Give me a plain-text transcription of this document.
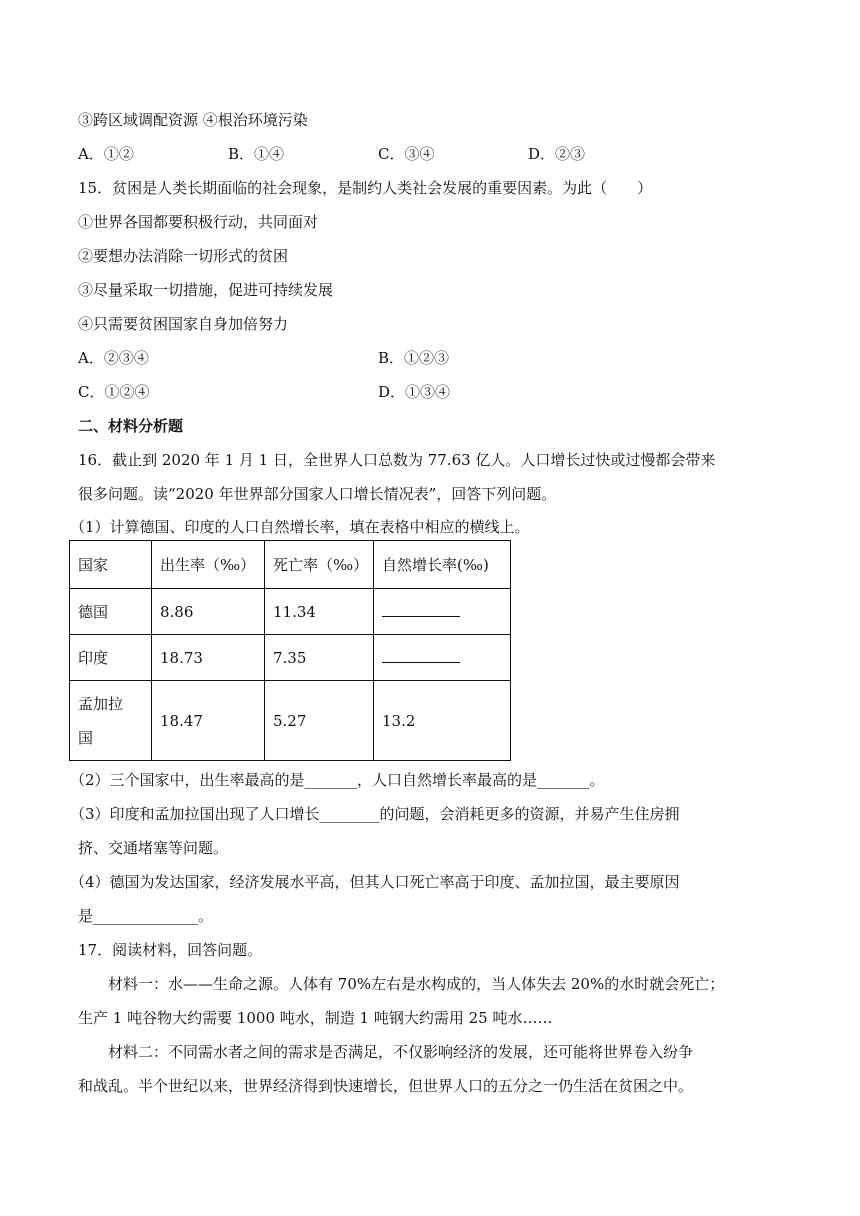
③跨区域调配资源 ④根治环境污染
A．①②	B．①④	C．③④	D．②③
15．贫困是人类长期面临的社会现象，是制约人类社会发展的重要因素。为此（　　）
①世界各国都要积极行动，共同面对
②要想办法消除一切形式的贫困
③尽量采取一切措施，促进可持续发展
④只需要贫困国家自身加倍努力
A．②③④	B．①②③
C．①②④	D．①③④
二、材料分析题
16．截止到 2020 年 1 月 1 日，全世界人口总数为 77.63 亿人。人口增长过快或过慢都会带来
很多问题。读“2020 年世界部分国家人口增长情况表”，回答下列问题。
（1）计算德国、印度的人口自然增长率，填在表格中相应的横线上。
国家	出生率（‰）	死亡率（‰）	自然增长率(‰)
德国	8.86	11.34	
印度	18.73	7.35	

孟加拉国	18.47	5.27	13.2
（2）三个国家中，出生率最高的是_______，人口自然增长率最高的是_______。
（3）印度和孟加拉国出现了人口增长________的问题，会消耗更多的资源，并易产生住房拥
挤、交通堵塞等问题。
（4）德国为发达国家，经济发展水平高，但其人口死亡率高于印度、孟加拉国，最主要原因
是______________。
17．阅读材料，回答问题。
材料一：水——生命之源。人体有 70%左右是水构成的，当人体失去 20%的水时就会死亡；
生产 1 吨谷物大约需要 1000 吨水，制造 1 吨钢大约需用 25 吨水……
材料二：不同需水者之间的需求是否满足，不仅影响经济的发展，还可能将世界卷入纷争
和战乱。半个世纪以来，世界经济得到快速增长，但世界人口的五分之一仍生活在贫困之中。
